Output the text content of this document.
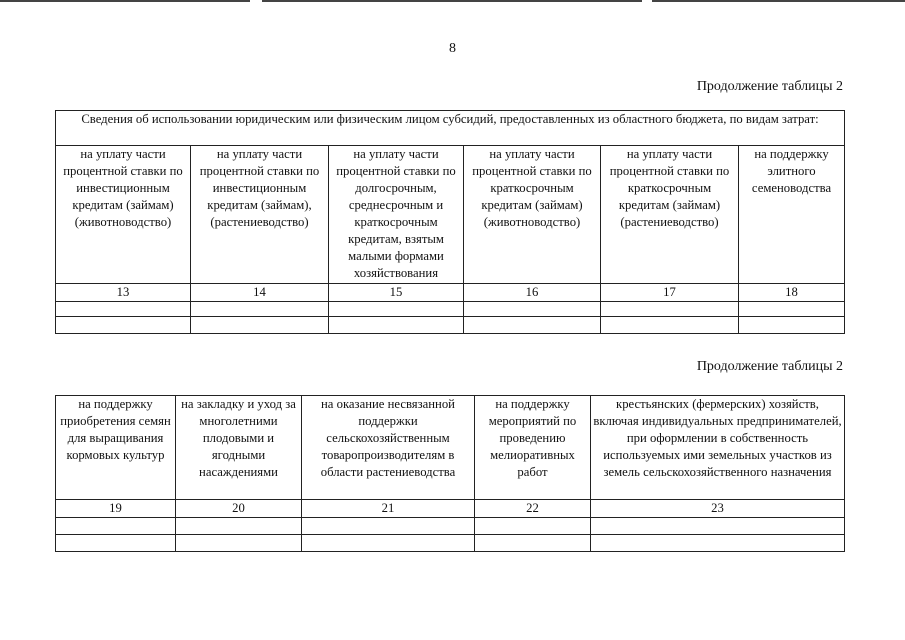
8
Продолжение таблицы 2
Сведения об использовании юридическим или физическим лицом субсидий, предоставленных из областного бюджета, по видам затрат:					
на уплату части процентной ставки по инвестиционным кредитам (займам) (животноводство)	на уплату части процентной ставки по инвестиционным кредитам (займам), (растениеводство)	на уплату части процентной ставки по долгосрочным, среднесрочным и краткосрочным кредитам, взятым малыми формами хозяйствования	на уплату части процентной ставки по краткосрочным кредитам (займам) (животноводство)	на уплату части процентной ставки по краткосрочным кредитам (займам) (растениеводство)	на поддержку элитного семеноводства
13	14	15	16	17	18

Продолжение таблицы 2
на поддержку приобретения семян для выращивания кормовых культур	на закладку и уход за многолетними плодовыми и ягодными насаждениями	на оказание несвязанной поддержки сельскохозяйственным товаропроизводителям в области растениеводства	на поддержку мероприятий по проведению мелиоративных работ	крестьянских (фермерских) хозяйств, включая индивидуальных предпринимателей, при оформлении в собственность используемых ими земельных участков из земель сельскохозяйственного назначения
19	20	21	22	23
